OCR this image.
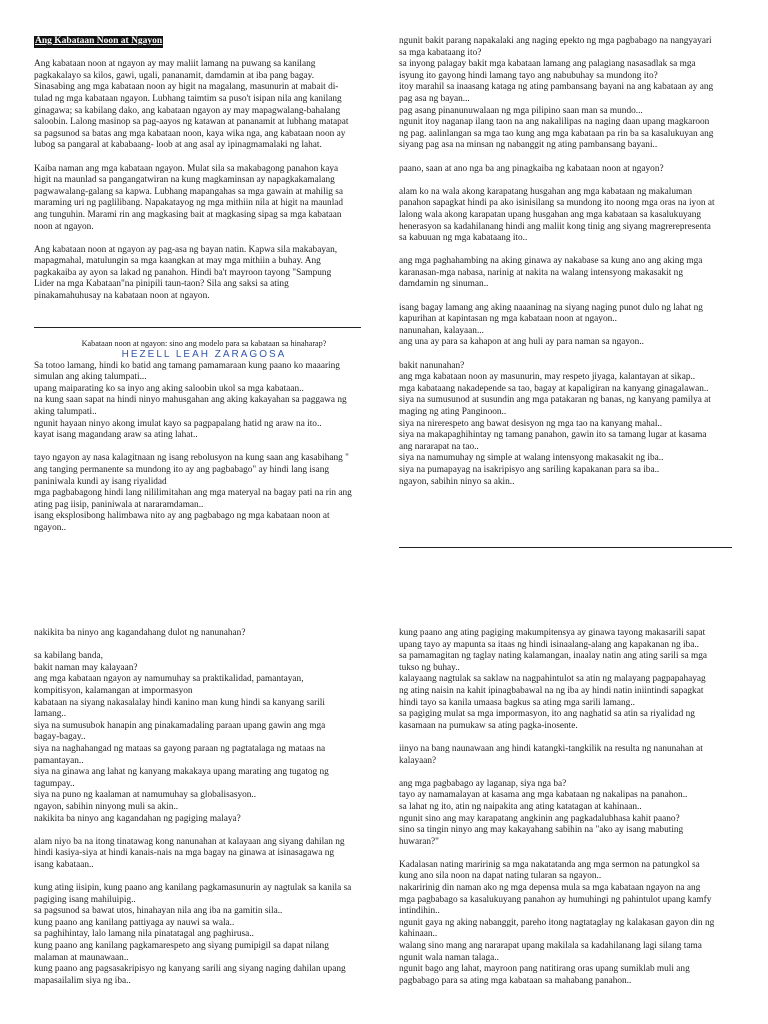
Ang Kabataan Noon at Ngayon

Ang kabataan noon at ngayon ay may maliit lamang na puwang sa kanilang

pagkakalayo sa kilos, gawi, ugali, pananamit, damdamin at iba pang bagay.

Sinasabing ang mga kabataan noon ay higit na magalang, masunurin at mabait di-

tulad ng mga kabataan ngayon. Lubhang taimtim sa puso't isipan nila ang kanilang

ginagawa; sa kabilang dako, ang kabataan ngayon ay may mapagwalang-bahalang

saloobin. Lalong masinop sa pag-aayos ng katawan at pananamit at lubhang matapat

sa pagsunod sa batas ang mga kabataan noon, kaya wika nga, ang kabataan noon ay

lubog sa pangaral at kababaang- loob at ang asal ay ipinagmamalaki ng lahat.

Kaiba naman ang mga kabataan ngayon. Mulat sila sa makabagong panahon kaya

higit na maunlad sa pangangatwiran na kung magkaminsan ay napagkakamalang

pagwawalang-galang sa kapwa. Lubhang mapangahas sa mga gawain at mahilig sa

maraming uri ng paglilibang. Napakatayog ng mga mithiin nila at higit na maunlad

ang tunguhin. Marami rin ang magkasing bait at magkasing sipag sa mga kabataan

noon at ngayon.

Ang kabataan noon at ngayon ay pag-asa ng bayan natin. Kapwa sila makabayan,

mapagmahal, matulungin sa mga kaangkan at may mga mithiin a buhay. Ang

pagkakaiba ay ayon sa lakad ng panahon. Hindi ba't mayroon tayong "Sampung

Lider na mga Kabataan"na pinipili taun-taon? Sila ang saksi sa ating

pinakamahuhusay na kabataan noon at ngayon.

Kabataan noon at ngayon: sino ang modelo para sa kabataan sa hinaharap?

HEZELL LEAH ZARAGOSA

Sa totoo lamang, hindi ko batid ang tamang pamamaraan kung paano ko maaaring

simulan ang aking talumpati...

upang maiparating ko sa inyo ang aking saloobin ukol sa mga kabataan..

na kung saan sapat na hindi ninyo mahusgahan ang aking kakayahan sa paggawa ng

aking talumpati..

ngunit hayaan ninyo akong imulat kayo sa pagpapalang hatid ng araw na ito..

kayat isang magandang araw sa ating lahat..

tayo ngayon ay nasa kalagitnaan ng isang rebolusyon na kung saan ang kasabihang "

ang tanging permanente sa mundong ito ay ang pagbabago" ay hindi lang isang

paniniwala kundi ay isang riyalidad

mga pagbabagong hindi lang nililimitahan ang mga materyal na bagay pati na rin ang

ating pag iisip, paniniwala at nararamdaman..

isang eksplosibong halimbawa nito ay ang pagbabago ng mga kabataan noon at

ngayon..

ngunit bakit parang napakalaki ang naging epekto ng mga pagbabago na nangyayari

sa mga kabataang ito?

sa inyong palagay bakit mga kabataan lamang ang palagiang nasasadlak sa mga

isyung ito gayong hindi lamang tayo ang nabubuhay sa mundong ito?

itoy marahil sa inaasang kataga ng ating pambansang bayani na ang kabataan ay ang

pag asa ng bayan...

pag asang pinanunuwalaan ng mga pilipino saan man sa mundo...

ngunit itoy naganap ilang taon na ang nakalilipas na naging daan upang magkaroon

ng pag. aalinlangan sa mga tao kung ang mga kabataan pa rin ba sa kasalukuyan ang

siyang pag asa na minsan ng nabanggit ng ating pambansang bayani..

paano, saan at ano nga ba ang pinagkaiba ng kabataan noon at ngayon?

alam ko na wala akong karapatang husgahan ang mga kabataan ng makaluman

panahon sapagkat hindi pa ako isinisilang sa mundong ito noong mga oras na iyon at

lalong wala akong karapatan upang husgahan ang mga kabataan sa kasalukuyang

henerasyon sa kadahilanang hindi ang maliit kong tinig ang siyang magrerepresenta

sa kabuuan ng mga kabataang ito..

ang mga paghahambing na aking ginawa ay nakabase sa kung ano ang aking mga

karanasan-mga nabasa, narinig at nakita na walang intensyong makasakit ng

damdamin ng sinuman..

isang bagay lamang ang aking naaaninag na siyang naging punot dulo ng lahat ng

kapurihan at kapintasan ng mga kabataan noon at ngayon..

nanunahan, kalayaan...

ang una ay para sa kahapon at ang huli ay para naman sa ngayon..

bakit nanunahan?

ang mga kabataan noon ay masunurin, may respeto jiyaga, kalantayan at sikap..

mga kabataang nakadepende sa tao, bagay at kapaligiran na kanyang ginagalawan..

siya na sumusunod at susundin ang mga patakaran ng banas, ng kanyang pamilya at

maging ng ating Panginoon..

siya na nirerespeto ang bawat desisyon ng mga tao na kanyang mahal..

siya na makapaghihintay ng tamang panahon, gawin ito sa tamang lugar at kasama

ang nararapat na tao..

siya na namumuhay ng simple at walang intensyong makasakit ng iba..

siya na pumapayag na isakripisyo ang sariling kapakanan para sa iba..

ngayon, sabihin ninyo sa akin..

nakikita ba ninyo ang kagandahang dulot ng nanunahan?

sa kabilang banda,

bakit naman may kalayaan?

ang mga kabataan ngayon ay namumuhay sa praktikalidad, pamantayan,

kompitisyon, kalamangan at impormasyon

kabataan na siyang nakasalalay hindi kanino man kung hindi sa kanyang sarili

lamang..

siya na sumusubok hanapin ang pinakamadaling paraan upang gawin ang mga

bagay-bagay..

siya na naghahangad ng mataas sa gayong paraan ng pagtatalaga ng mataas na

pamantayan..

siya na ginawa ang lahat ng kanyang makakaya upang marating ang tugatog ng

tagumpay..

siya na puno ng kaalaman at namumuhay sa globalisasyon..

ngayon, sabihin ninyong muli sa akin..

nakikita ba ninyo ang kagandahan ng pagiging malaya?

alam niyo ba na itong tinatawag kong nanunahan at kalayaan ang siyang dahilan ng

hindi kasiya-siya at hindi kanais-nais na mga bagay na ginawa at isinasagawa ng

isang kabataan..

kung ating iisipin, kung paano ang kanilang pagkamasunurin ay nagtulak sa kanila sa

pagiging isang mahiluipig..

sa pagsunod sa bawat utos, hinahayan nila ang iba na gamitin sila..

kung paano ang kanilang pattiyaga ay nauwi sa wala..

sa paghihintay, lalo lamang nila pinatatagal ang paghirusa..

kung paano ang kanilang pagkamarespeto ang siyang pumipigil sa dapat nilang

malaman at maunawaan..

kung paano ang pagsasakripisyo ng kanyang sarili ang siyang naging dahilan upang

mapasailalim siya ng iba..

kung paano ang ating pagiging makumpitensya ay ginawa tayong makasarili sapat

upang tayo ay mapunta sa itaas ng hindi isinaalang-alang ang kapakanan ng iba..

sa pamamagitan ng taglay nating kalamangan, inaalay natin ang ating sarili sa mga

tukso ng buhay..

kalayaang nagtulak sa saklaw na nagpahintulot sa atin ng malayang pagpapahayag

ng ating naisin na kahit ipinagbabawal na ng iba ay hindi natin iniintindi sapagkat

hindi tayo sa kanila umaasa bagkus sa ating mga sarili lamang..

sa pagiging mulat sa mga impormasyon, ito ang naghatid sa atin sa riyalidad ng

kasamaan na pumukaw sa ating pagka-inosente.

iinyo na bang naunawaan ang hindi katangki-tangkilik na resulta ng nanunahan at

kalayaan?

ang mga pagbabago ay laganap, siya nga ba?

tayo ay namamalayan at kasama ang mga kabataan ng nakalipas na panahon..

sa lahat ng ito, atin ng naipakita ang ating katatagan at kahinaan..

ngunit sino ang may karapatang angkinin ang pagkadalubhasa kahit paano?

sino sa tingin ninyo ang may kakayahang sabihin na "ako ay isang mabuting

huwaran?"

Kadalasan nating maririnig sa mga nakatatanda ang mga sermon na patungkol sa

kung ano sila noon na dapat nating tularan sa ngayon..

nakaririnig din naman ako ng mga depensa mula sa mga kabataan ngayon na ang

mga pagbabago sa kasalukuyang panahon ay humuhingi ng pahintulot upang kamfy

intindihin..

ngunit gaya ng aking nabanggit, pareho itong nagtataglay ng kalakasan gayon din ng

kahinaan..

walang sino mang ang nararapat upang makilala sa kadahilanang lagi silang tama

ngunit wala naman talaga..

ngunit bago ang lahat, mayroon pang natitirang oras upang sumiklab muli ang

pagbabago para sa ating mga kabataan sa mahabang panahon..
